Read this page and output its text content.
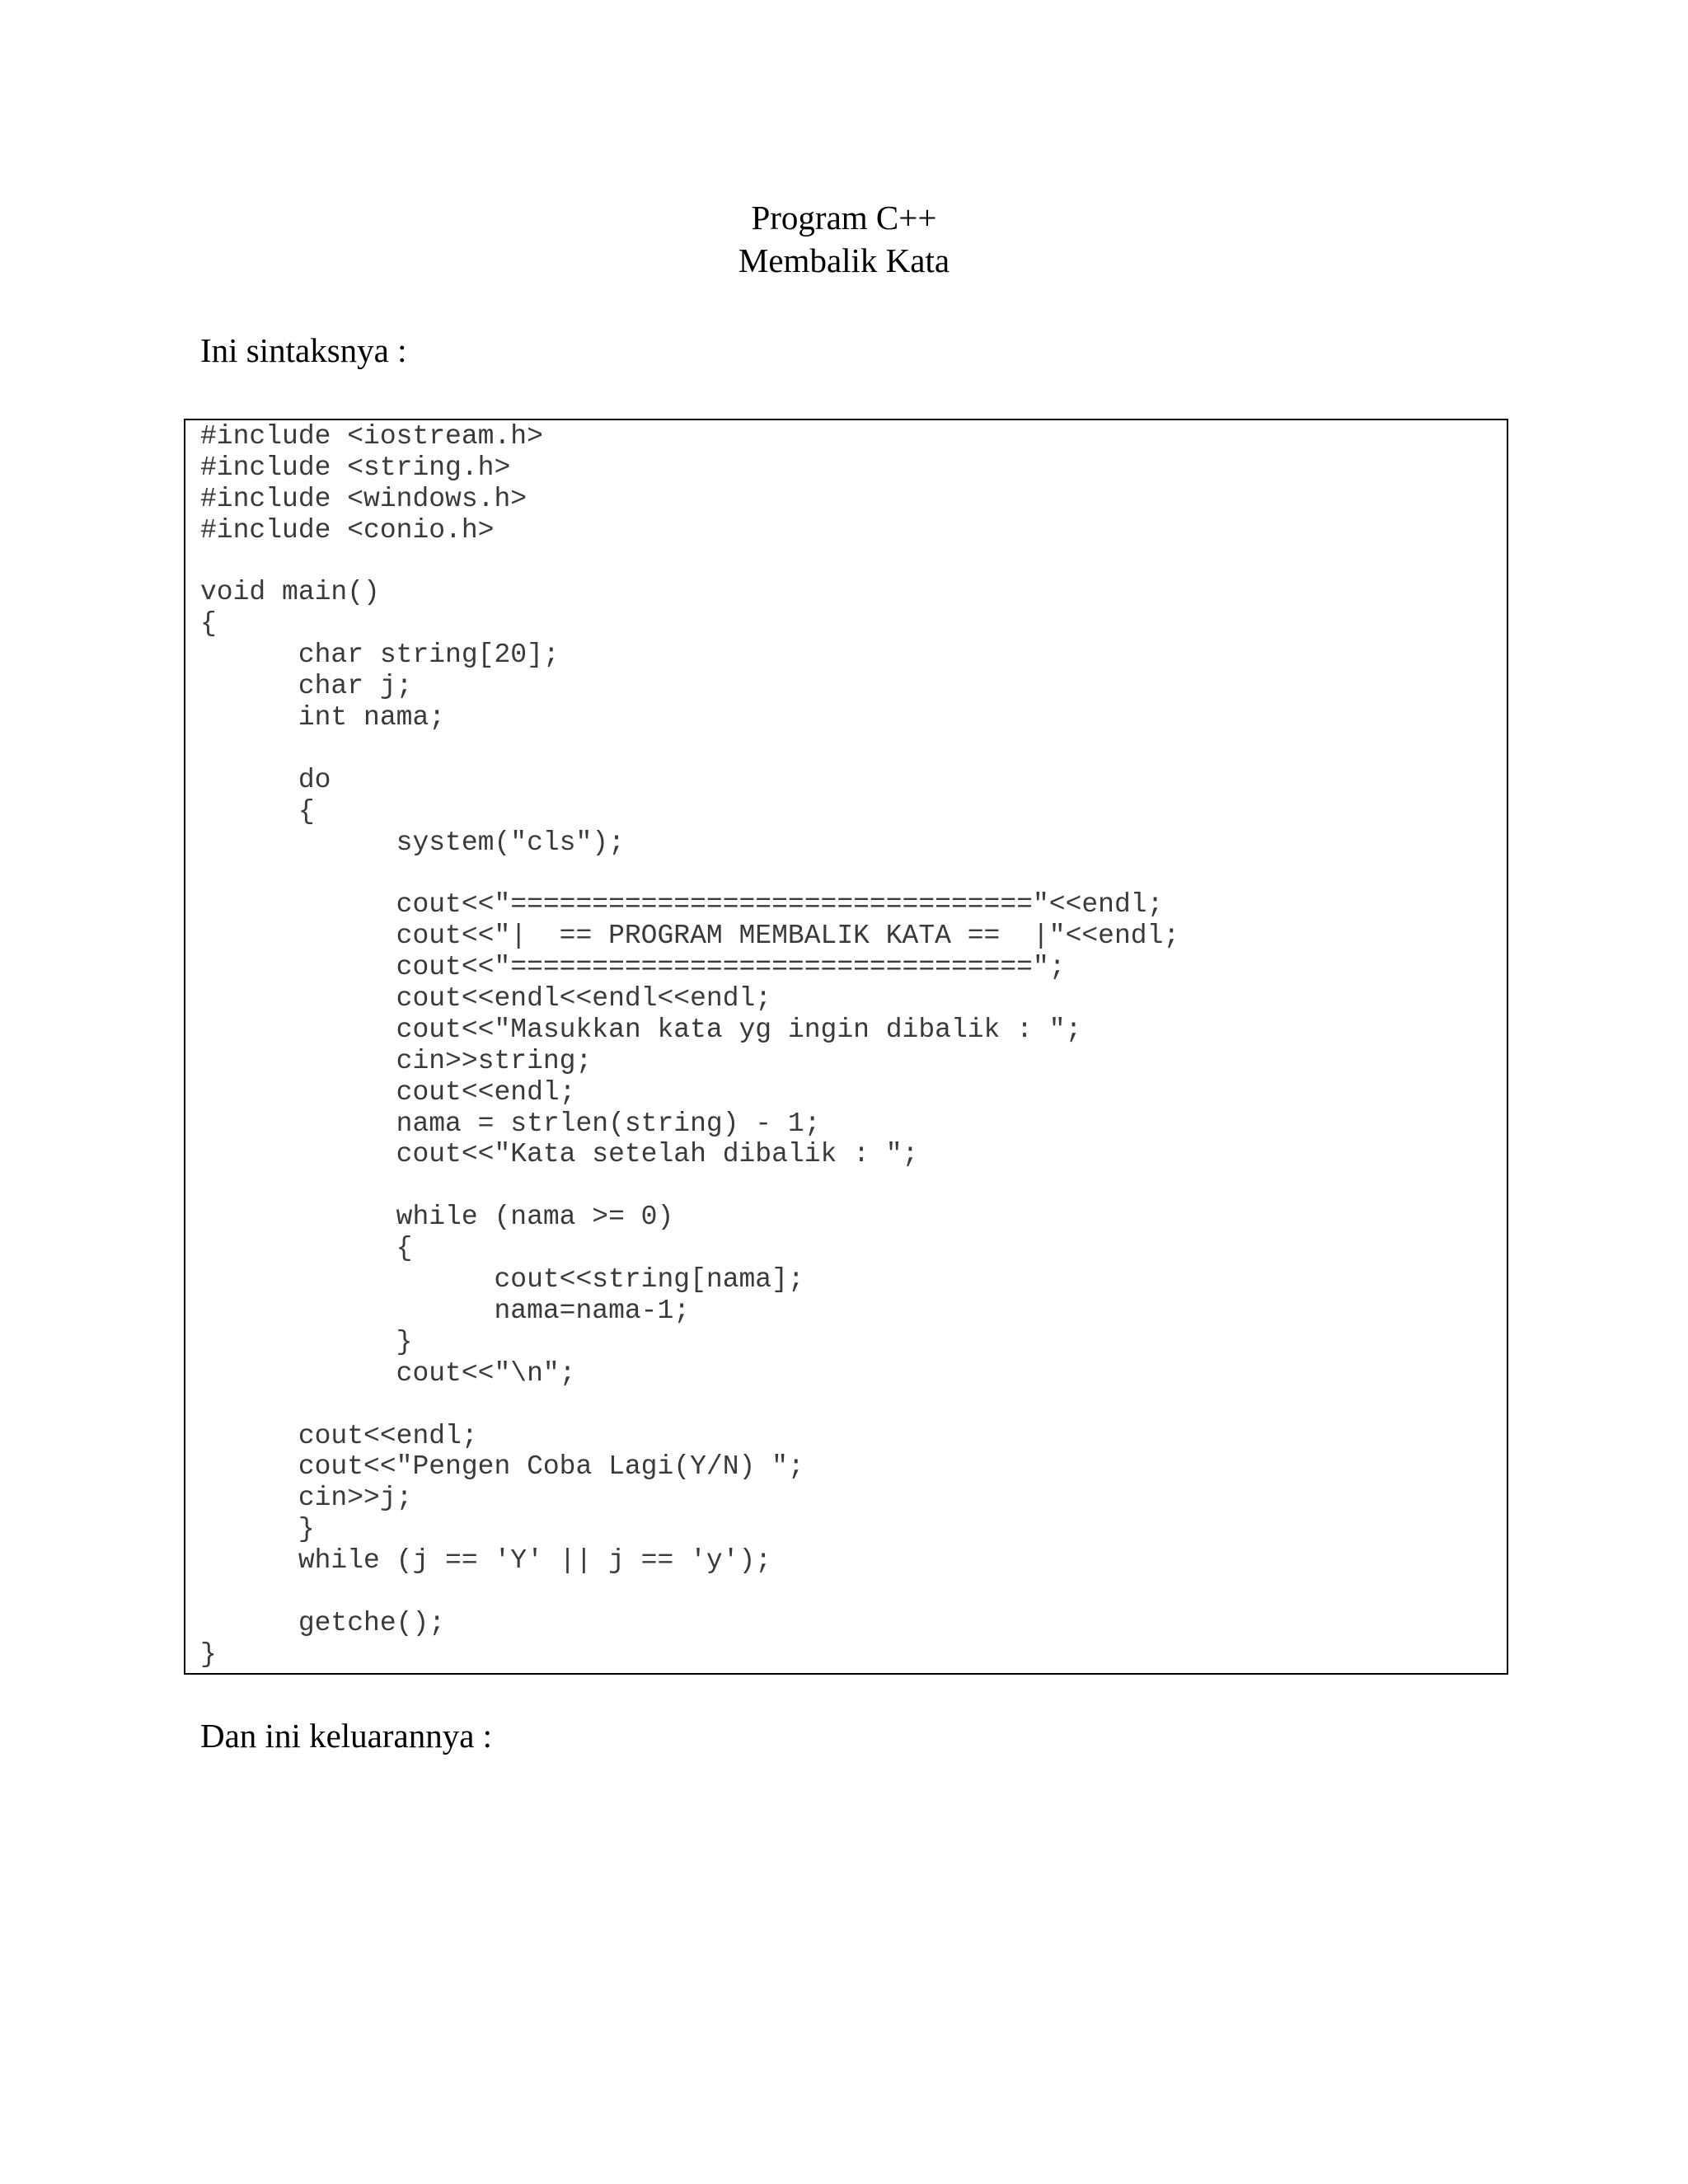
Program C++
Membalik Kata
Ini sintaksnya :
#include <iostream.h>
#include <string.h>
#include <windows.h>
#include <conio.h>
void main()
{
char string[20];
char j;
int nama;
do
{
system("cls");
cout<<"================================"<<endl;
cout<<"|  == PROGRAM MEMBALIK KATA ==  |"<<endl;
cout<<"================================";
cout<<endl<<endl<<endl;
cout<<"Masukkan kata yg ingin dibalik : ";
cin>>string;
cout<<endl;
nama = strlen(string) - 1;
cout<<"Kata setelah dibalik : ";
while (nama >= 0)
{
cout<<string[nama];
nama=nama-1;
}
cout<<"\n";
cout<<endl;
cout<<"Pengen Coba Lagi(Y/N) ";
cin>>j;
}
while (j == 'Y' || j == 'y');
getche();
}
Dan ini keluarannya :
